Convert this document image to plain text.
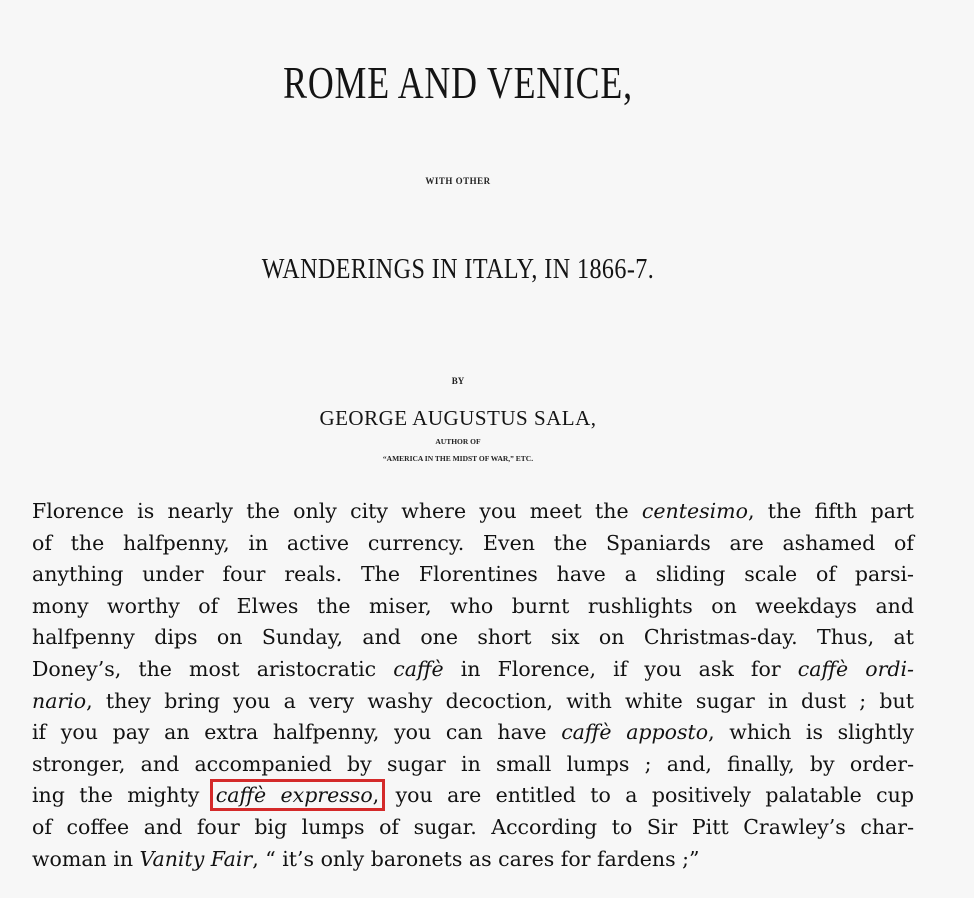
ROME AND VENICE,
WITH OTHER
WANDERINGS IN ITALY, IN 1866-7.
BY
GEORGE AUGUSTUS SALA,
AUTHOR OF
“AMERICA IN THE MIDST OF WAR,” ETC.
Florence is nearly the only city where you meet the centesimo, the fifth part
of the halfpenny, in active currency. Even the Spaniards are ashamed of
anything under four reals. The Florentines have a sliding scale of parsi-
mony worthy of Elwes the miser, who burnt rushlights on weekdays and
halfpenny dips on Sunday, and one short six on Christmas-day. Thus, at
Doney’s, the most aristocratic caffè in Florence, if you ask for caffè ordi-
nario, they bring you a very washy decoction, with white sugar in dust ; but
if you pay an extra halfpenny, you can have caffè apposto, which is slightly
stronger, and accompanied by sugar in small lumps ; and, finally, by order-
ing the mighty caffè expresso, you are entitled to a positively palatable cup
of coffee and four big lumps of sugar. According to Sir Pitt Crawley’s char-
woman in Vanity Fair, “ it’s only baronets as cares for fardens ;”
